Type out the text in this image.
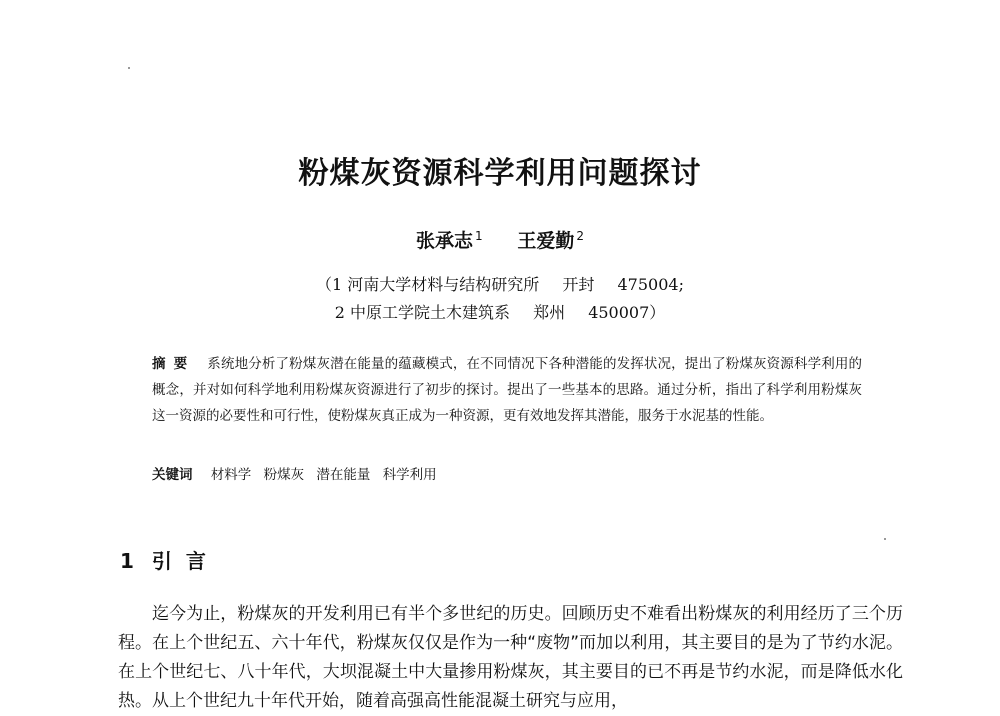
粉煤灰资源科学利用问题探讨
张承志 $^1$ 王爱勤 $^2$
（1 河南大学材料与结构研究所 开封 475004;
2 中原工学院土木建筑系 郑州 450007）
摘要 系统地分析了粉煤灰潜在能量的蕴藏模式，在不同情况下各种潜能的发挥状况，提出了粉煤灰资源科学利用的概念，并对如何科学地利用粉煤灰资源进行了初步的探讨。提出了一些基本的思路。通过分析，指出了科学利用粉煤灰这一资源的必要性和可行性，使粉煤灰真正成为一种资源，更有效地发挥其潜能，服务于水泥基的性能。
关键词 材料学 粉煤灰 潜在能量 科学利用
1 引言

迄今为止，粉煤灰的开发利用已有半个多世纪的历史。回顾历史不难看出粉煤灰的利用经历了三个历程。在上个世纪五、六十年代，粉煤灰仅仅是作为一种“废物”而加以利用，其主要目的是为了节约水泥。在上个世纪七、八十年代，大坝混凝土中大量掺用粉煤灰，其主要目的已不再是节约水泥，而是降低水化热。从上个世纪九十年代开始，随着高强高性能混凝土研究与应用，
